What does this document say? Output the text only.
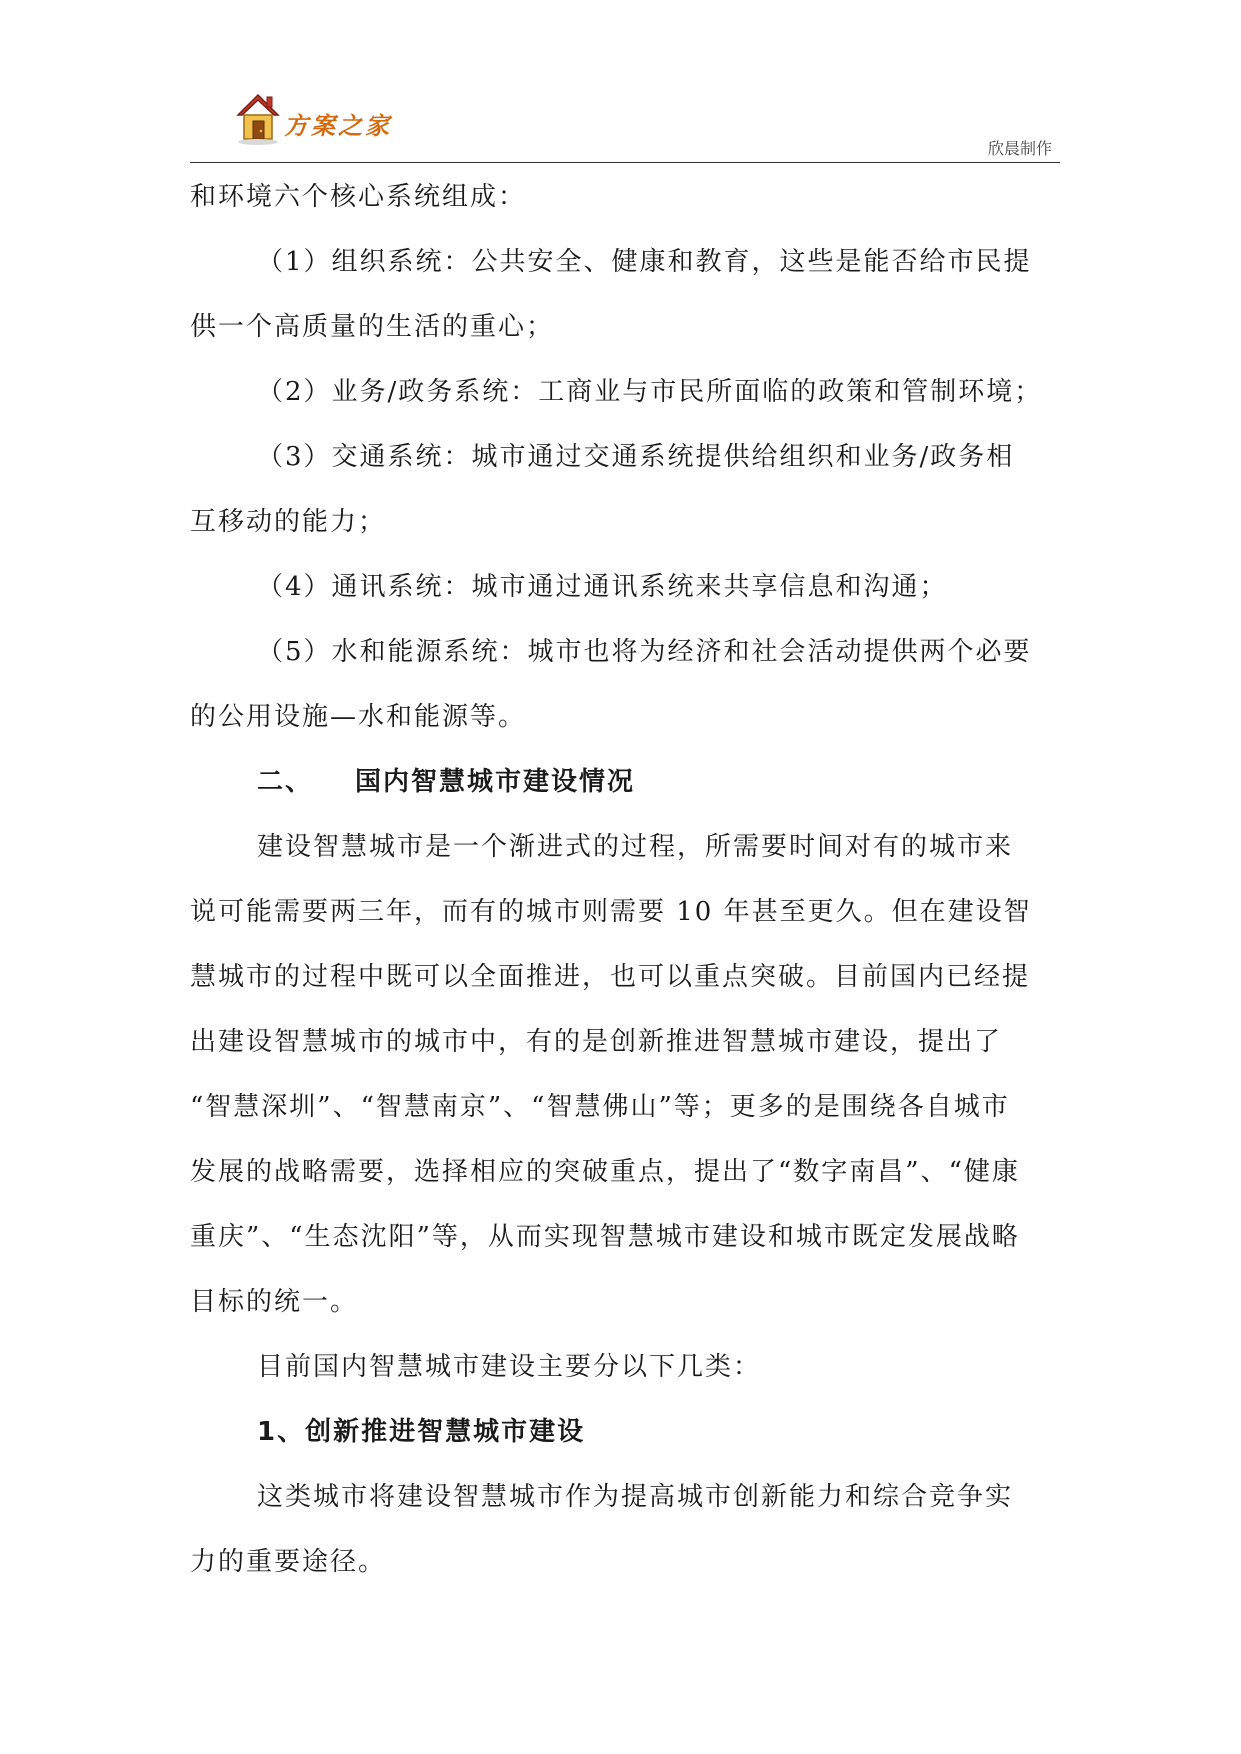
方案之家
欣晨制作
和环境六个核心系统组成：
（1）组织系统：公共安全、健康和教育，这些是能否给市民提
供一个高质量的生活的重心；
（2）业务/政务系统：工商业与市民所面临的政策和管制环境；
（3）交通系统：城市通过交通系统提供给组织和业务/政务相
互移动的能力；
（4）通讯系统：城市通过通讯系统来共享信息和沟通；
（5）水和能源系统：城市也将为经济和社会活动提供两个必要
的公用设施—水和能源等。
二、 国内智慧城市建设情况
建设智慧城市是一个渐进式的过程，所需要时间对有的城市来
说可能需要两三年，而有的城市则需要 10 年甚至更久。但在建设智
慧城市的过程中既可以全面推进，也可以重点突破。目前国内已经提
出建设智慧城市的城市中，有的是创新推进智慧城市建设，提出了
“智慧深圳”、“智慧南京”、“智慧佛山”等；更多的是围绕各自城市
发展的战略需要，选择相应的突破重点，提出了“数字南昌”、“健康
重庆”、“生态沈阳”等，从而实现智慧城市建设和城市既定发展战略
目标的统一。
目前国内智慧城市建设主要分以下几类：
1、创新推进智慧城市建设
这类城市将建设智慧城市作为提高城市创新能力和综合竞争实
力的重要途径。
